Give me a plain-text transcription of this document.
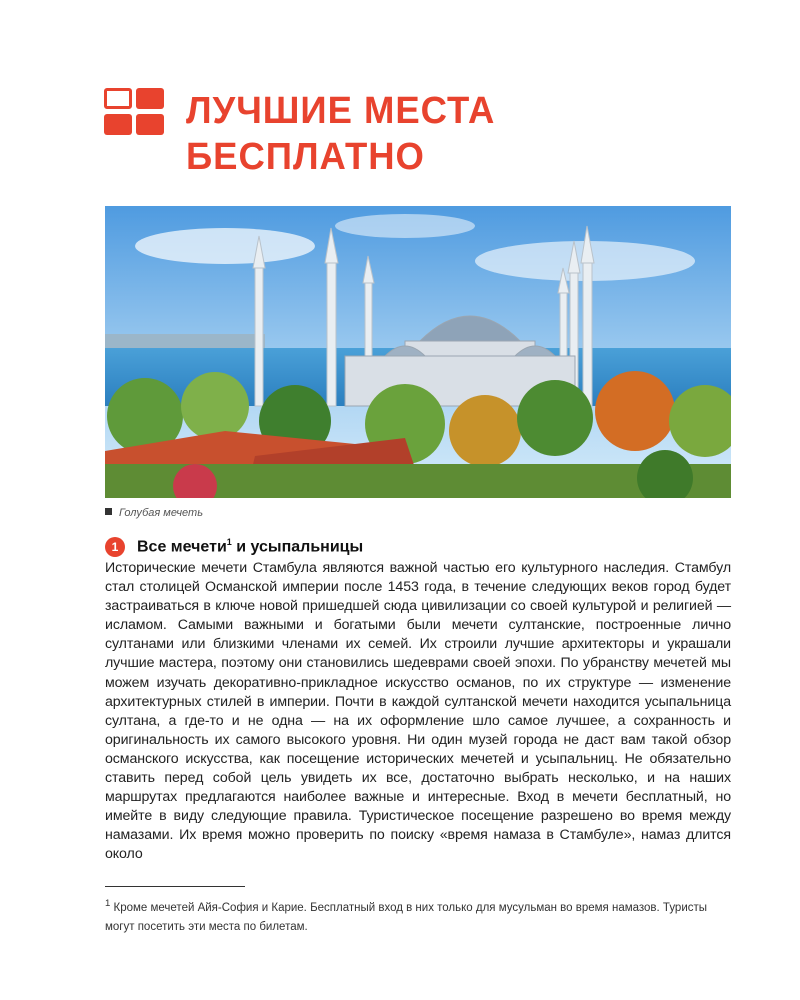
ЛУЧШИЕ МЕСТА
БЕСПЛАТНО
Голубая мечеть
1	Все мечети$^1$ и усыпальницы

Исторические мечети Стамбула являются важной частью его культурного наследия. Стамбул стал столицей Османской империи после 1453 года, в течение следующих веков город будет застраиваться в ключе новой пришедшей сюда цивилизации со своей культурой и религией — исламом. Самыми важными и богатыми были мечети султанские, построенные лично султанами или близкими членами их семей. Их строили лучшие архитекторы и украшали лучшие мастера, поэтому они становились шедеврами своей эпохи. По убранству мечетей мы можем изучать декоративно-прикладное искусство османов, по их структуре — изменение архитектурных стилей в империи. Почти в каждой султанской мечети находится усыпальница султана, а где-то и не одна — на их оформление шло самое лучшее, а сохранность и оригинальность их самого высокого уровня. Ни один музей города не даст вам такой обзор османского искусства, как посещение исторических мечетей и усыпальниц. Не обязательно ставить перед собой цель увидеть их все, достаточно выбрать несколько, и на наших маршрутах предлагаются наиболее важные и интересные. Вход в мечети бесплатный, но имейте в виду следующие правила. Туристическое посещение разрешено во время между намазами. Их время можно проверить по поиску «время намаза в Стамбуле», намаз длится около

$^1$ Кроме мечетей Айя-София и Карие. Бесплатный вход в них только для мусульман во время намазов. Туристы могут посетить эти места по билетам.
